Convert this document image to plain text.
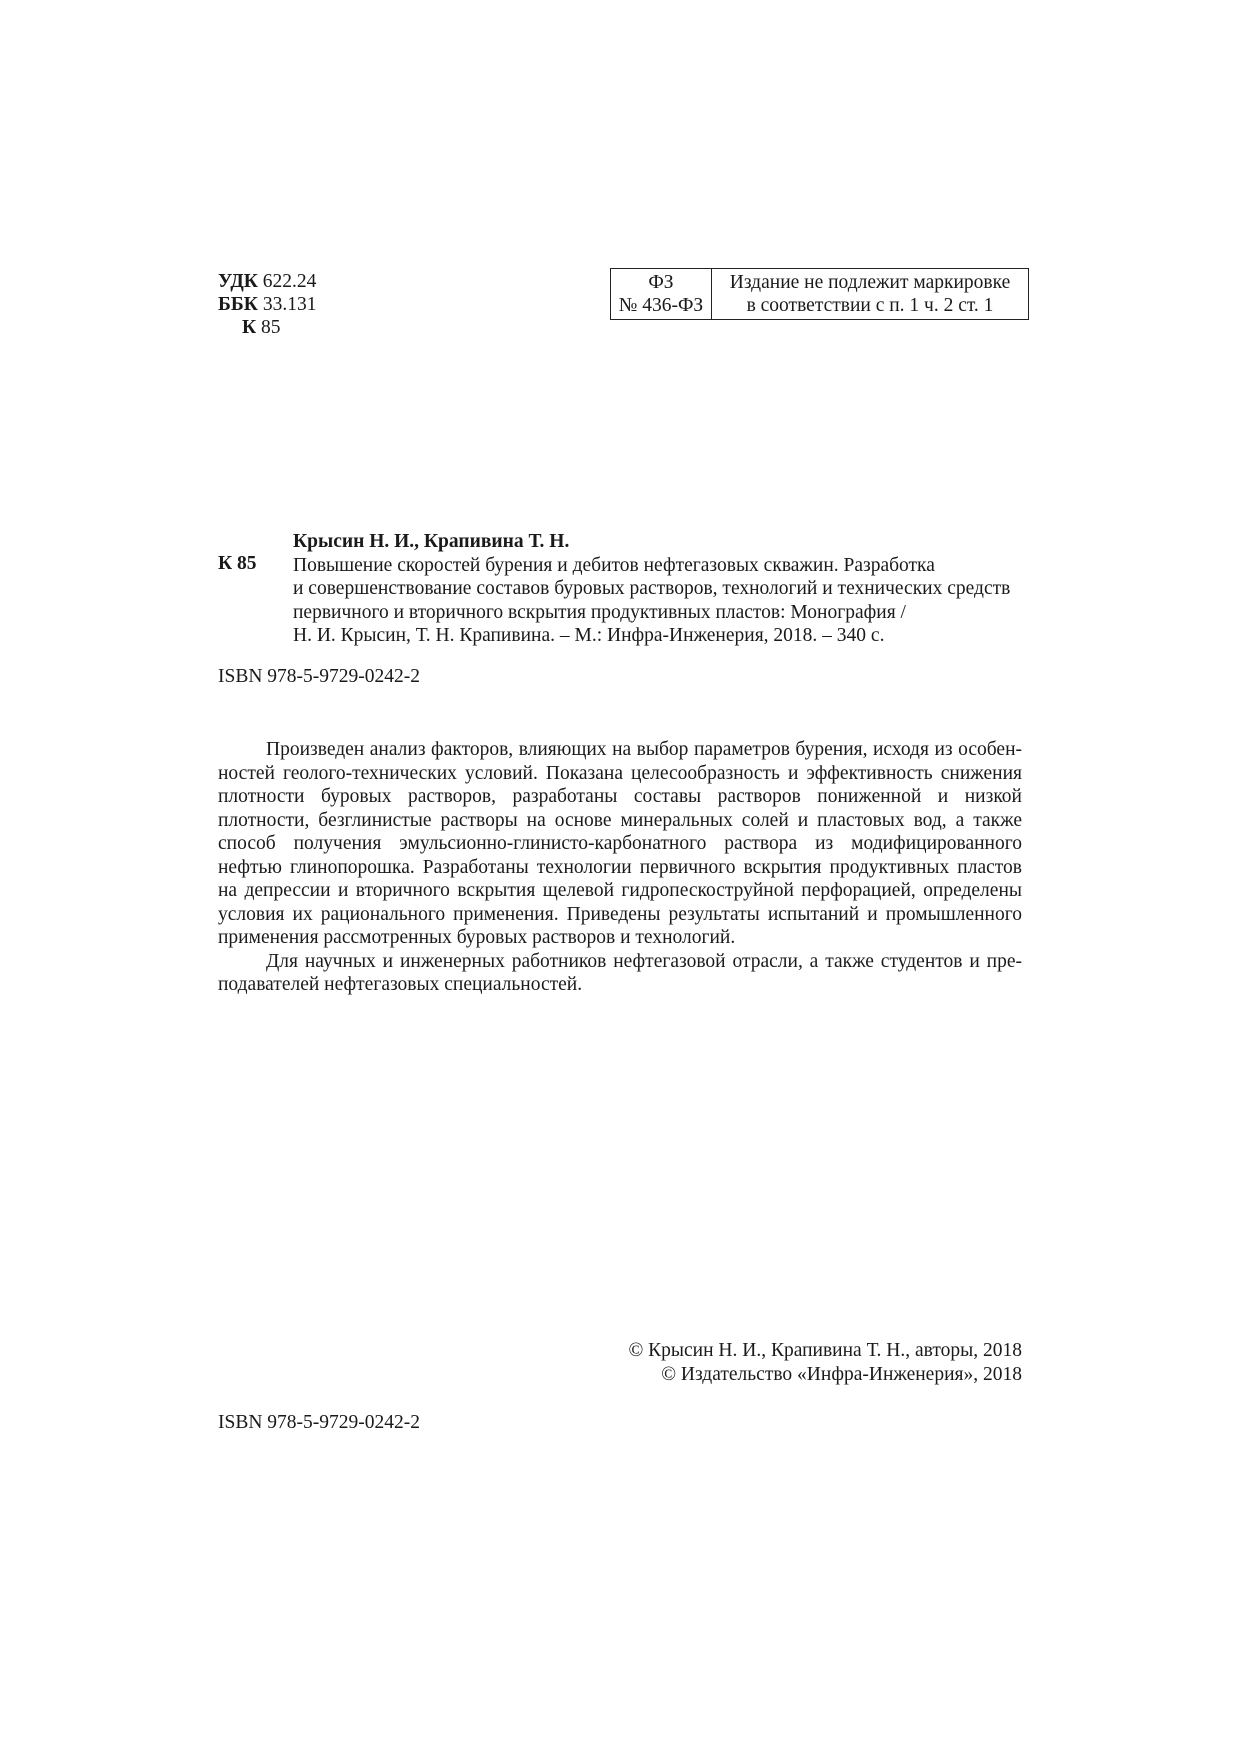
УДК 622.24
ББК 33.131
К 85
ФЗ
№ 436-ФЗ
Издание не подлежит маркировке
в соответствии с п. 1 ч. 2 ст. 1
К 85
Крысин Н. И., Крапивина Т. Н.
Повышение скоростей бурения и дебитов нефтегазовых скважин. Разработка
и совершенствование составов буровых растворов, технологий и технических средств
первичного и вторичного вскрытия продуктивных пластов: Монография /
Н. И. Крысин, Т. Н. Крапивина. – М.: Инфра-Инженерия, 2018. – 340 с.
ISBN 978-5-9729-0242-2

Произведен анализ факторов, влияющих на выбор параметров бурения, исходя из особенностей геолого-технических условий. Показана целесообразность и эффективность снижения плотности буровых растворов, разработаны составы растворов пониженной и низкой плотности, безглинистые растворы на основе минеральных солей и пластовых вод, а также способ получения эмульсионно-глинисто-карбонатного раствора из модифицированного нефтью глинопорошка. Разработаны технологии первичного вскрытия продуктивных пластов на депрессии и вторичного вскрытия щелевой гидропескоструйной перфорацией, определены условия их рационального применения. Приведены результаты испытаний и промышленного применения рассмотренных буровых растворов и технологий.

Для научных и инженерных работников нефтегазовой отрасли, а также студентов и преподавателей нефтегазовых специальностей.

© Крысин Н. И., Крапивина Т. Н., авторы, 2018
© Издательство «Инфра-Инженерия», 2018
ISBN 978-5-9729-0242-2
